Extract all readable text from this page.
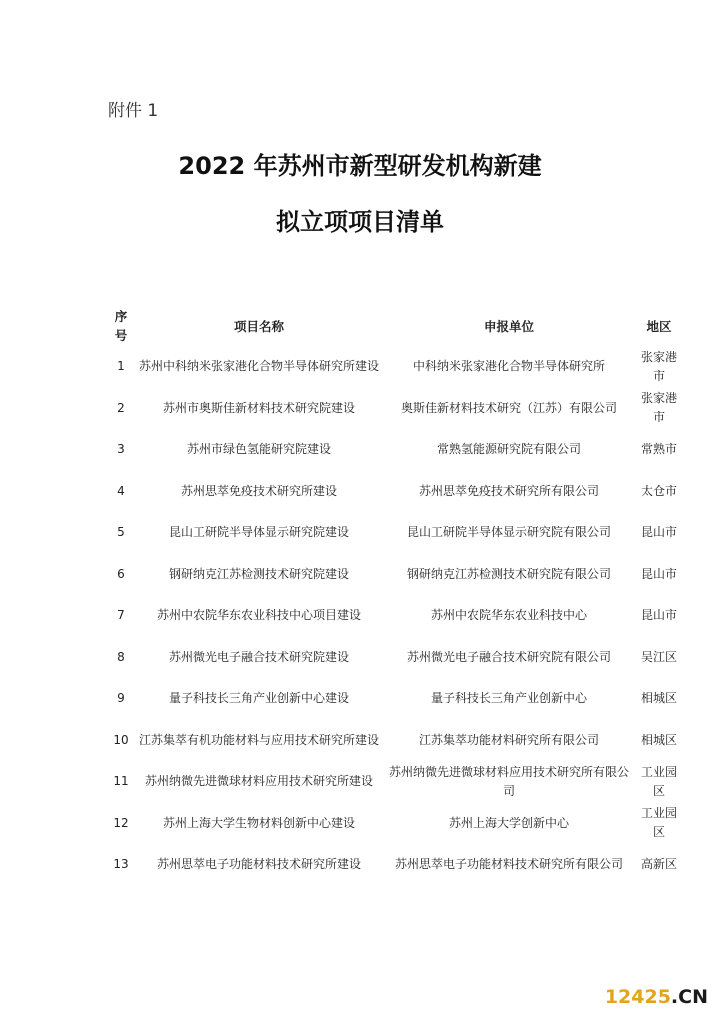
附件 1
2022 年苏州市新型研发机构新建
拟立项项目清单
序号	项目名称	申报单位	地区
1	苏州中科纳米张家港化合物半导体研究所建设	中科纳米张家港化合物半导体研究所	张家港市
2	苏州市奥斯佳新材料技术研究院建设	奥斯佳新材料技术研究（江苏）有限公司	张家港市
3	苏州市绿色氢能研究院建设	常熟氢能源研究院有限公司	常熟市
4	苏州思萃免疫技术研究所建设	苏州思萃免疫技术研究所有限公司	太仓市
5	昆山工研院半导体显示研究院建设	昆山工研院半导体显示研究院有限公司	昆山市
6	钢研纳克江苏检测技术研究院建设	钢研纳克江苏检测技术研究院有限公司	昆山市
7	苏州中农院华东农业科技中心项目建设	苏州中农院华东农业科技中心	昆山市
8	苏州微光电子融合技术研究院建设	苏州微光电子融合技术研究院有限公司	吴江区
9	量子科技长三角产业创新中心建设	量子科技长三角产业创新中心	相城区
10	江苏集萃有机功能材料与应用技术研究所建设	江苏集萃功能材料研究所有限公司	相城区
11	苏州纳微先进微球材料应用技术研究所建设	苏州纳微先进微球材料应用技术研究所有限公司	工业园区
12	苏州上海大学生物材料创新中心建设	苏州上海大学创新中心	工业园区
13	苏州思萃电子功能材料技术研究所建设	苏州思萃电子功能材料技术研究所有限公司	高新区
12425.CN
